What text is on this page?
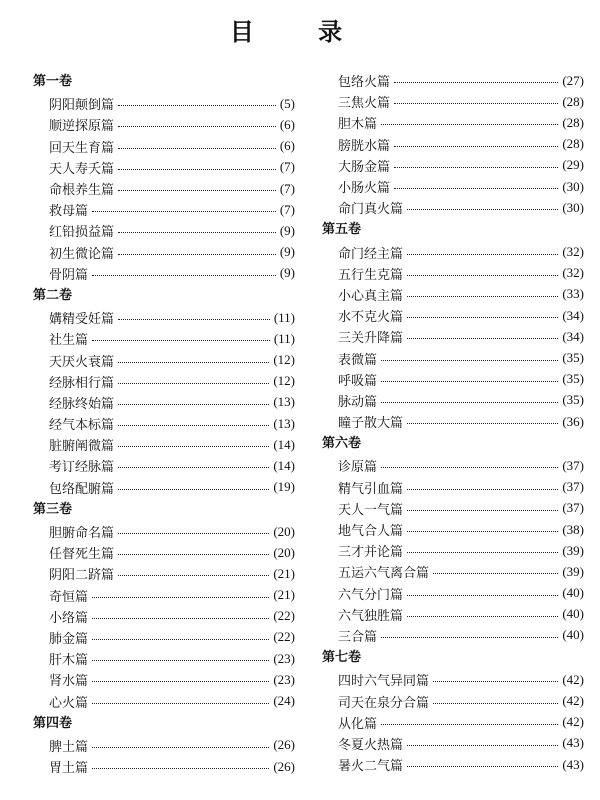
目 录
第一卷
阴阳颠倒篇	(5)
顺逆探原篇	(6)
回天生育篇	(6)
天人寿夭篇	(7)
命根养生篇	(7)
救母篇	(7)
红铅损益篇	(9)
初生微论篇	(9)
骨阴篇	(9)
第二卷
媾精受妊篇	(11)
社生篇	(11)
天厌火衰篇	(12)
经脉相行篇	(12)
经脉终始篇	(13)
经气本标篇	(13)
脏腑阐微篇	(14)
考订经脉篇	(14)
包络配腑篇	(19)
第三卷
胆腑命名篇	(20)
任督死生篇	(20)
阴阳二跻篇	(21)
奇恒篇	(21)
小络篇	(22)
肺金篇	(22)
肝木篇	(23)
肾水篇	(23)
心火篇	(24)
第四卷
脾土篇	(26)
胃土篇	(26)
包络火篇	(27)
三焦火篇	(28)
胆木篇	(28)
膀胱水篇	(28)
大肠金篇	(29)
小肠火篇	(30)
命门真火篇	(30)
第五卷
命门经主篇	(32)
五行生克篇	(32)
小心真主篇	(33)
水不克火篇	(34)
三关升降篇	(34)
表微篇	(35)
呼吸篇	(35)
脉动篇	(35)
瞳子散大篇	(36)
第六卷
诊原篇	(37)
精气引血篇	(37)
天人一气篇	(37)
地气合人篇	(38)
三才并论篇	(39)
五运六气离合篇	(39)
六气分门篇	(40)
六气独胜篇	(40)
三合篇	(40)
第七卷
四时六气异同篇	(42)
司天在泉分合篇	(42)
从化篇	(42)
冬夏火热篇	(43)
暑火二气篇	(43)
